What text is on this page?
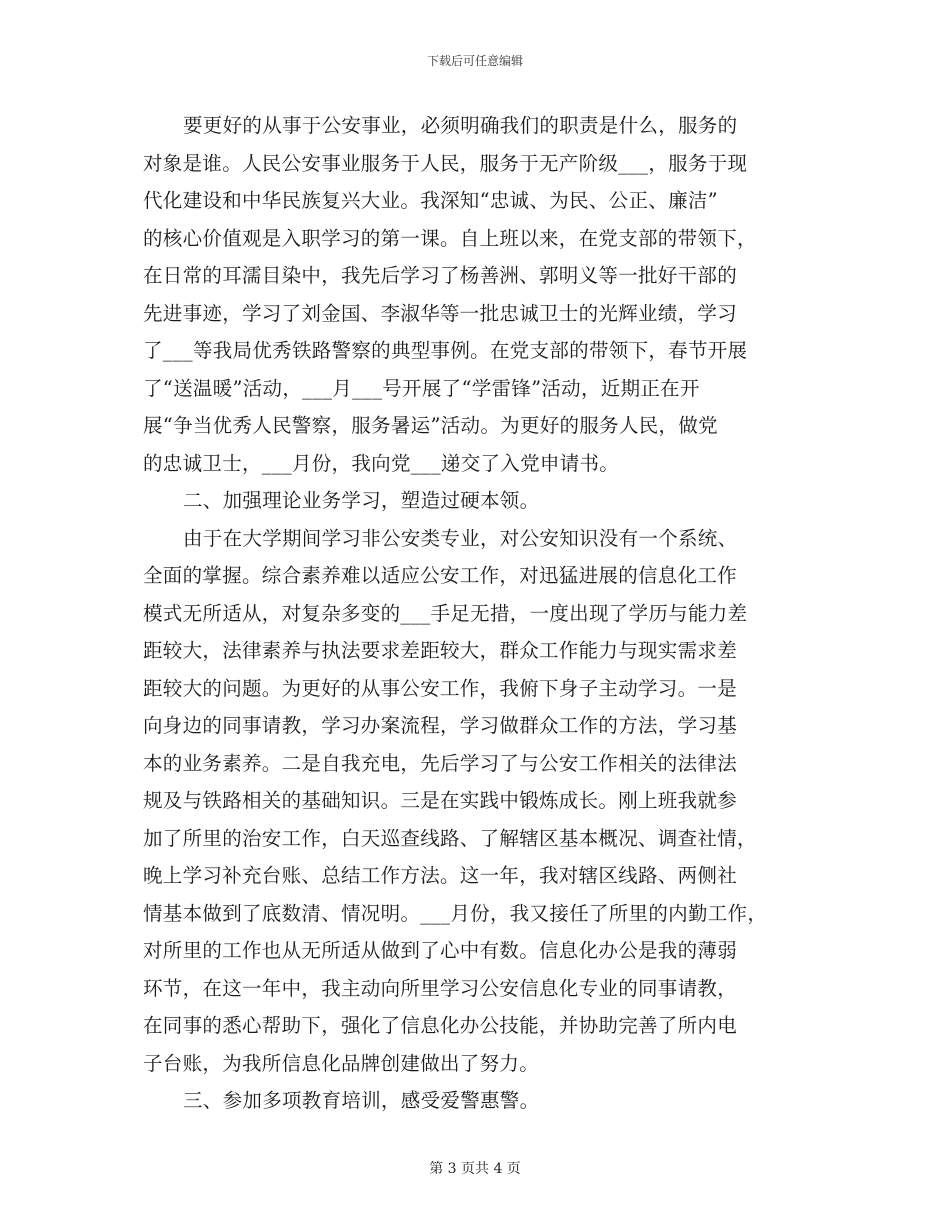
下载后可任意编辑
要更好的从事于公安事业，必须明确我们的职责是什么，服务的
对象是谁。人民公安事业服务于人民，服务于无产阶级___，服务于现
代化建设和中华民族复兴大业。我深知“忠诚、为民、公正、廉洁”
的核心价值观是入职学习的第一课。自上班以来，在党支部的带领下，
在日常的耳濡目染中，我先后学习了杨善洲、郭明义等一批好干部的
先进事迹，学习了刘金国、李淑华等一批忠诚卫士的光辉业绩，学习
了___等我局优秀铁路警察的典型事例。在党支部的带领下，春节开展
了“送温暖”活动，___月___号开展了“学雷锋”活动，近期正在开
展“争当优秀人民警察，服务暑运”活动。为更好的服务人民，做党
的忠诚卫士，___月份，我向党___递交了入党申请书。
二、加强理论业务学习，塑造过硬本领。
由于在大学期间学习非公安类专业，对公安知识没有一个系统、
全面的掌握。综合素养难以适应公安工作，对迅猛进展的信息化工作
模式无所适从，对复杂多变的___手足无措，一度出现了学历与能力差
距较大，法律素养与执法要求差距较大，群众工作能力与现实需求差
距较大的问题。为更好的从事公安工作，我俯下身子主动学习。一是
向身边的同事请教，学习办案流程，学习做群众工作的方法，学习基
本的业务素养。二是自我充电，先后学习了与公安工作相关的法律法
规及与铁路相关的基础知识。三是在实践中锻炼成长。刚上班我就参
加了所里的治安工作，白天巡查线路、了解辖区基本概况、调查社情，
晚上学习补充台账、总结工作方法。这一年，我对辖区线路、两侧社
情基本做到了底数清、情况明。___月份，我又接任了所里的内勤工作，
对所里的工作也从无所适从做到了心中有数。信息化办公是我的薄弱
环节，在这一年中，我主动向所里学习公安信息化专业的同事请教，
在同事的悉心帮助下，强化了信息化办公技能，并协助完善了所内电
子台账，为我所信息化品牌创建做出了努力。
三、参加多项教育培训，感受爱警惠警。
第 3 页共 4 页
